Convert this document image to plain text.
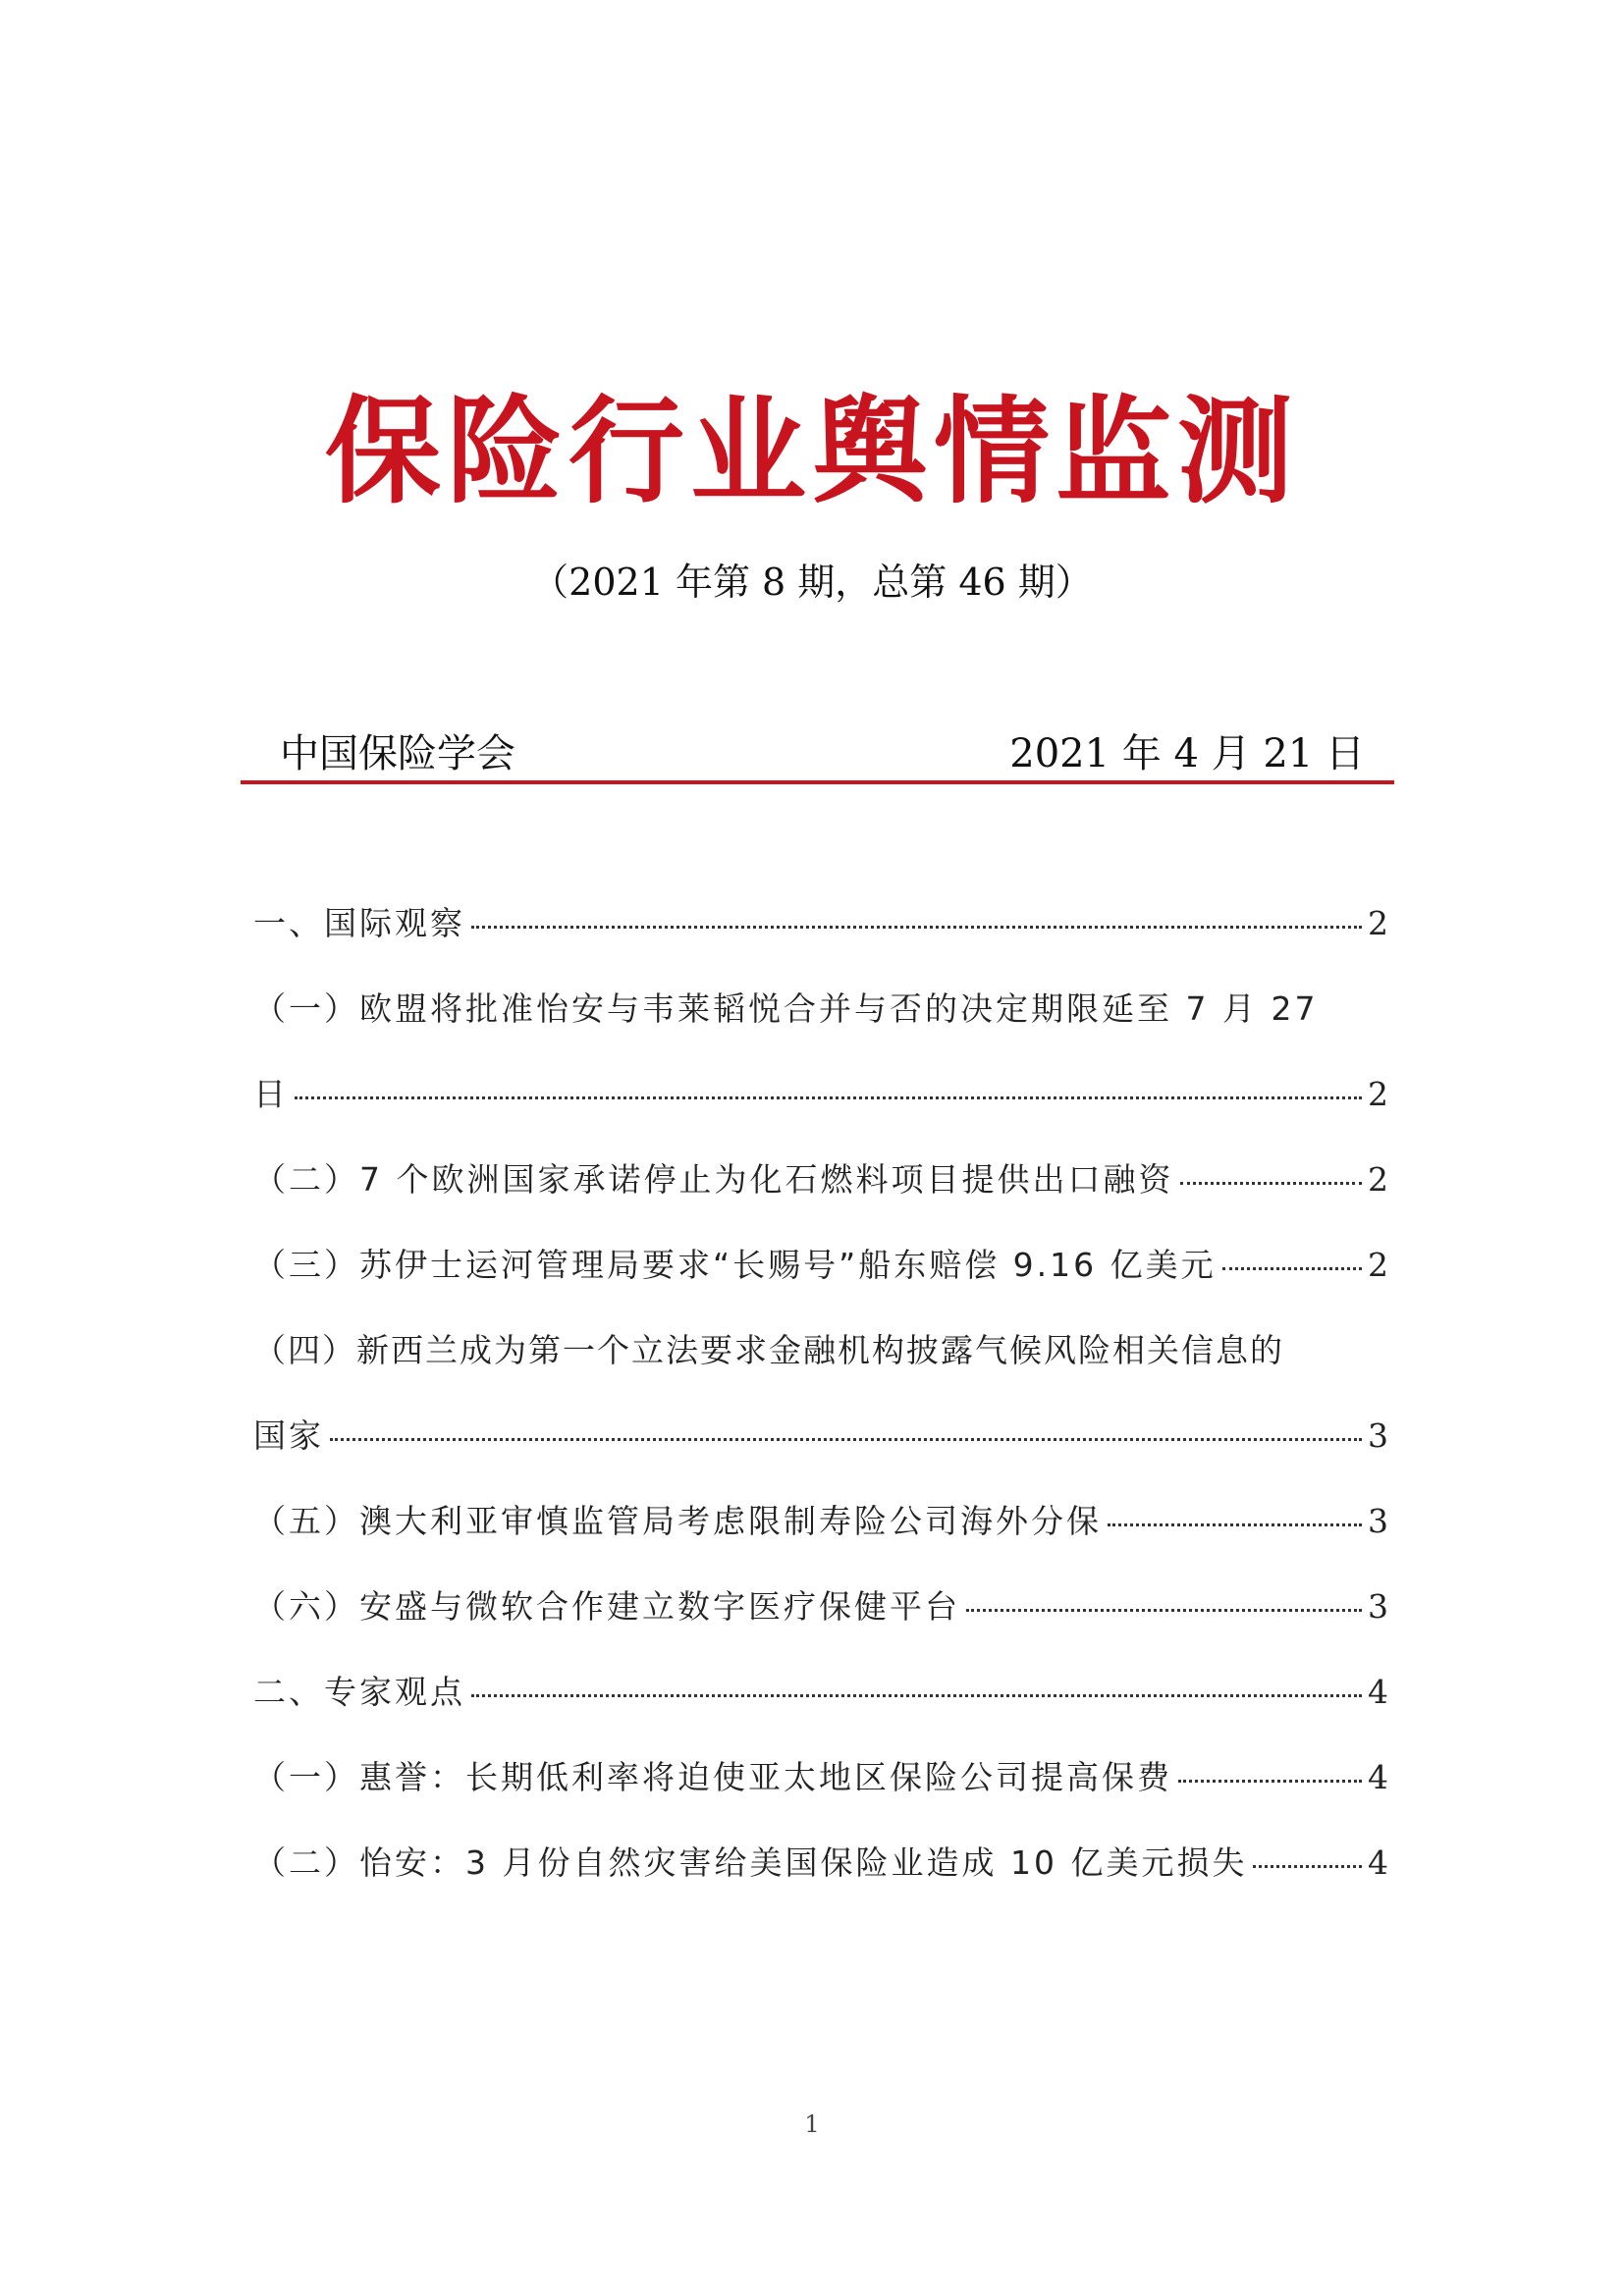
保险行业舆情监测
（2021 年第 8 期，总第 46 期）
中国保险学会	2021 年 4 月 21 日
一、国际观察	2
（一）欧盟将批准怡安与韦莱韬悦合并与否的决定期限延至 7 月 27
日	2
（二）7 个欧洲国家承诺停止为化石燃料项目提供出口融资	2
（三）苏伊士运河管理局要求“长赐号”船东赔偿 9.16 亿美元	2
（四）新西兰成为第一个立法要求金融机构披露气候风险相关信息的
国家	3
（五）澳大利亚审慎监管局考虑限制寿险公司海外分保	3
（六）安盛与微软合作建立数字医疗保健平台	3
二、专家观点	4
（一）惠誉：长期低利率将迫使亚太地区保险公司提高保费	4
（二）怡安：3 月份自然灾害给美国保险业造成 10 亿美元损失	4
1
